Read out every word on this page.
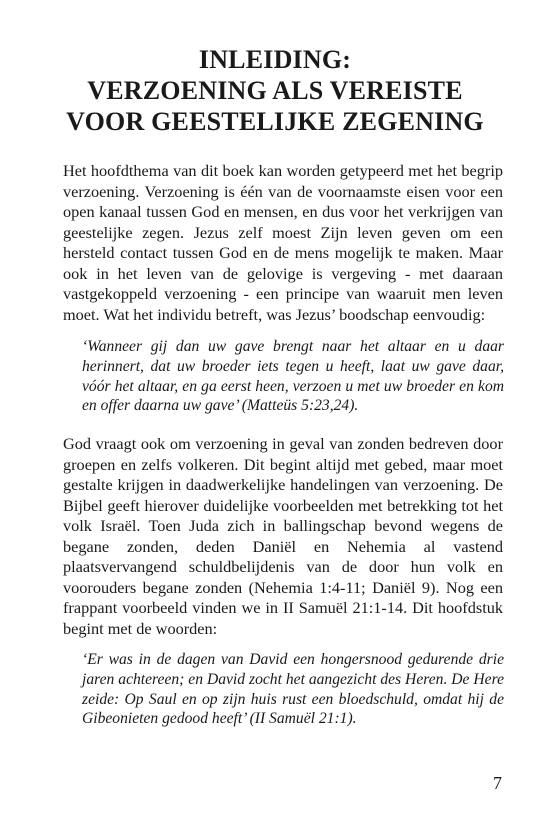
INLEIDING:
VERZOENING ALS VEREISTE
VOOR GEESTELIJKE ZEGENING

Het hoofdthema van dit boek kan worden getypeerd met het begrip verzoening. Verzoening is één van de voornaamste eisen voor een open kanaal tussen God en mensen, en dus voor het verkrijgen van geestelijke zegen. Jezus zelf moest Zijn leven geven om een hersteld contact tussen God en de mens mogelijk te maken. Maar ook in het leven van de gelovige is vergeving - met daaraan vastgekoppeld verzoening - een principe van waaruit men leven moet. Wat het individu betreft, was Jezus’ boodschap eenvoudig:

‘Wanneer gij dan uw gave brengt naar het altaar en u daar herinnert, dat uw broeder iets tegen u heeft, laat uw gave daar, vóór het altaar, en ga eerst heen, verzoen u met uw broeder en kom en offer daarna uw gave’ (Matteüs 5:23,24).

God vraagt ook om verzoening in geval van zonden bedreven door groepen en zelfs volkeren. Dit begint altijd met gebed, maar moet gestalte krijgen in daadwerkelijke handelingen van verzoening. De Bijbel geeft hierover duidelijke voorbeelden met betrekking tot het volk Israël. Toen Juda zich in ballingschap bevond wegens de begane zonden, deden Daniël en Nehemia al vastend plaatsvervangend schuldbelijdenis van de door hun volk en voorouders begane zonden (Nehemia 1:4-11; Daniël 9). Nog een frappant voorbeeld vinden we in II Samuël 21:1-14. Dit hoofdstuk begint met de woorden:

‘Er was in de dagen van David een hongersnood gedurende drie jaren achtereen; en David zocht het aangezicht des Heren. De Here zeide: Op Saul en op zijn huis rust een bloedschuld, omdat hij de Gibeonieten gedood heeft’ (II Samuël 21:1).

7
